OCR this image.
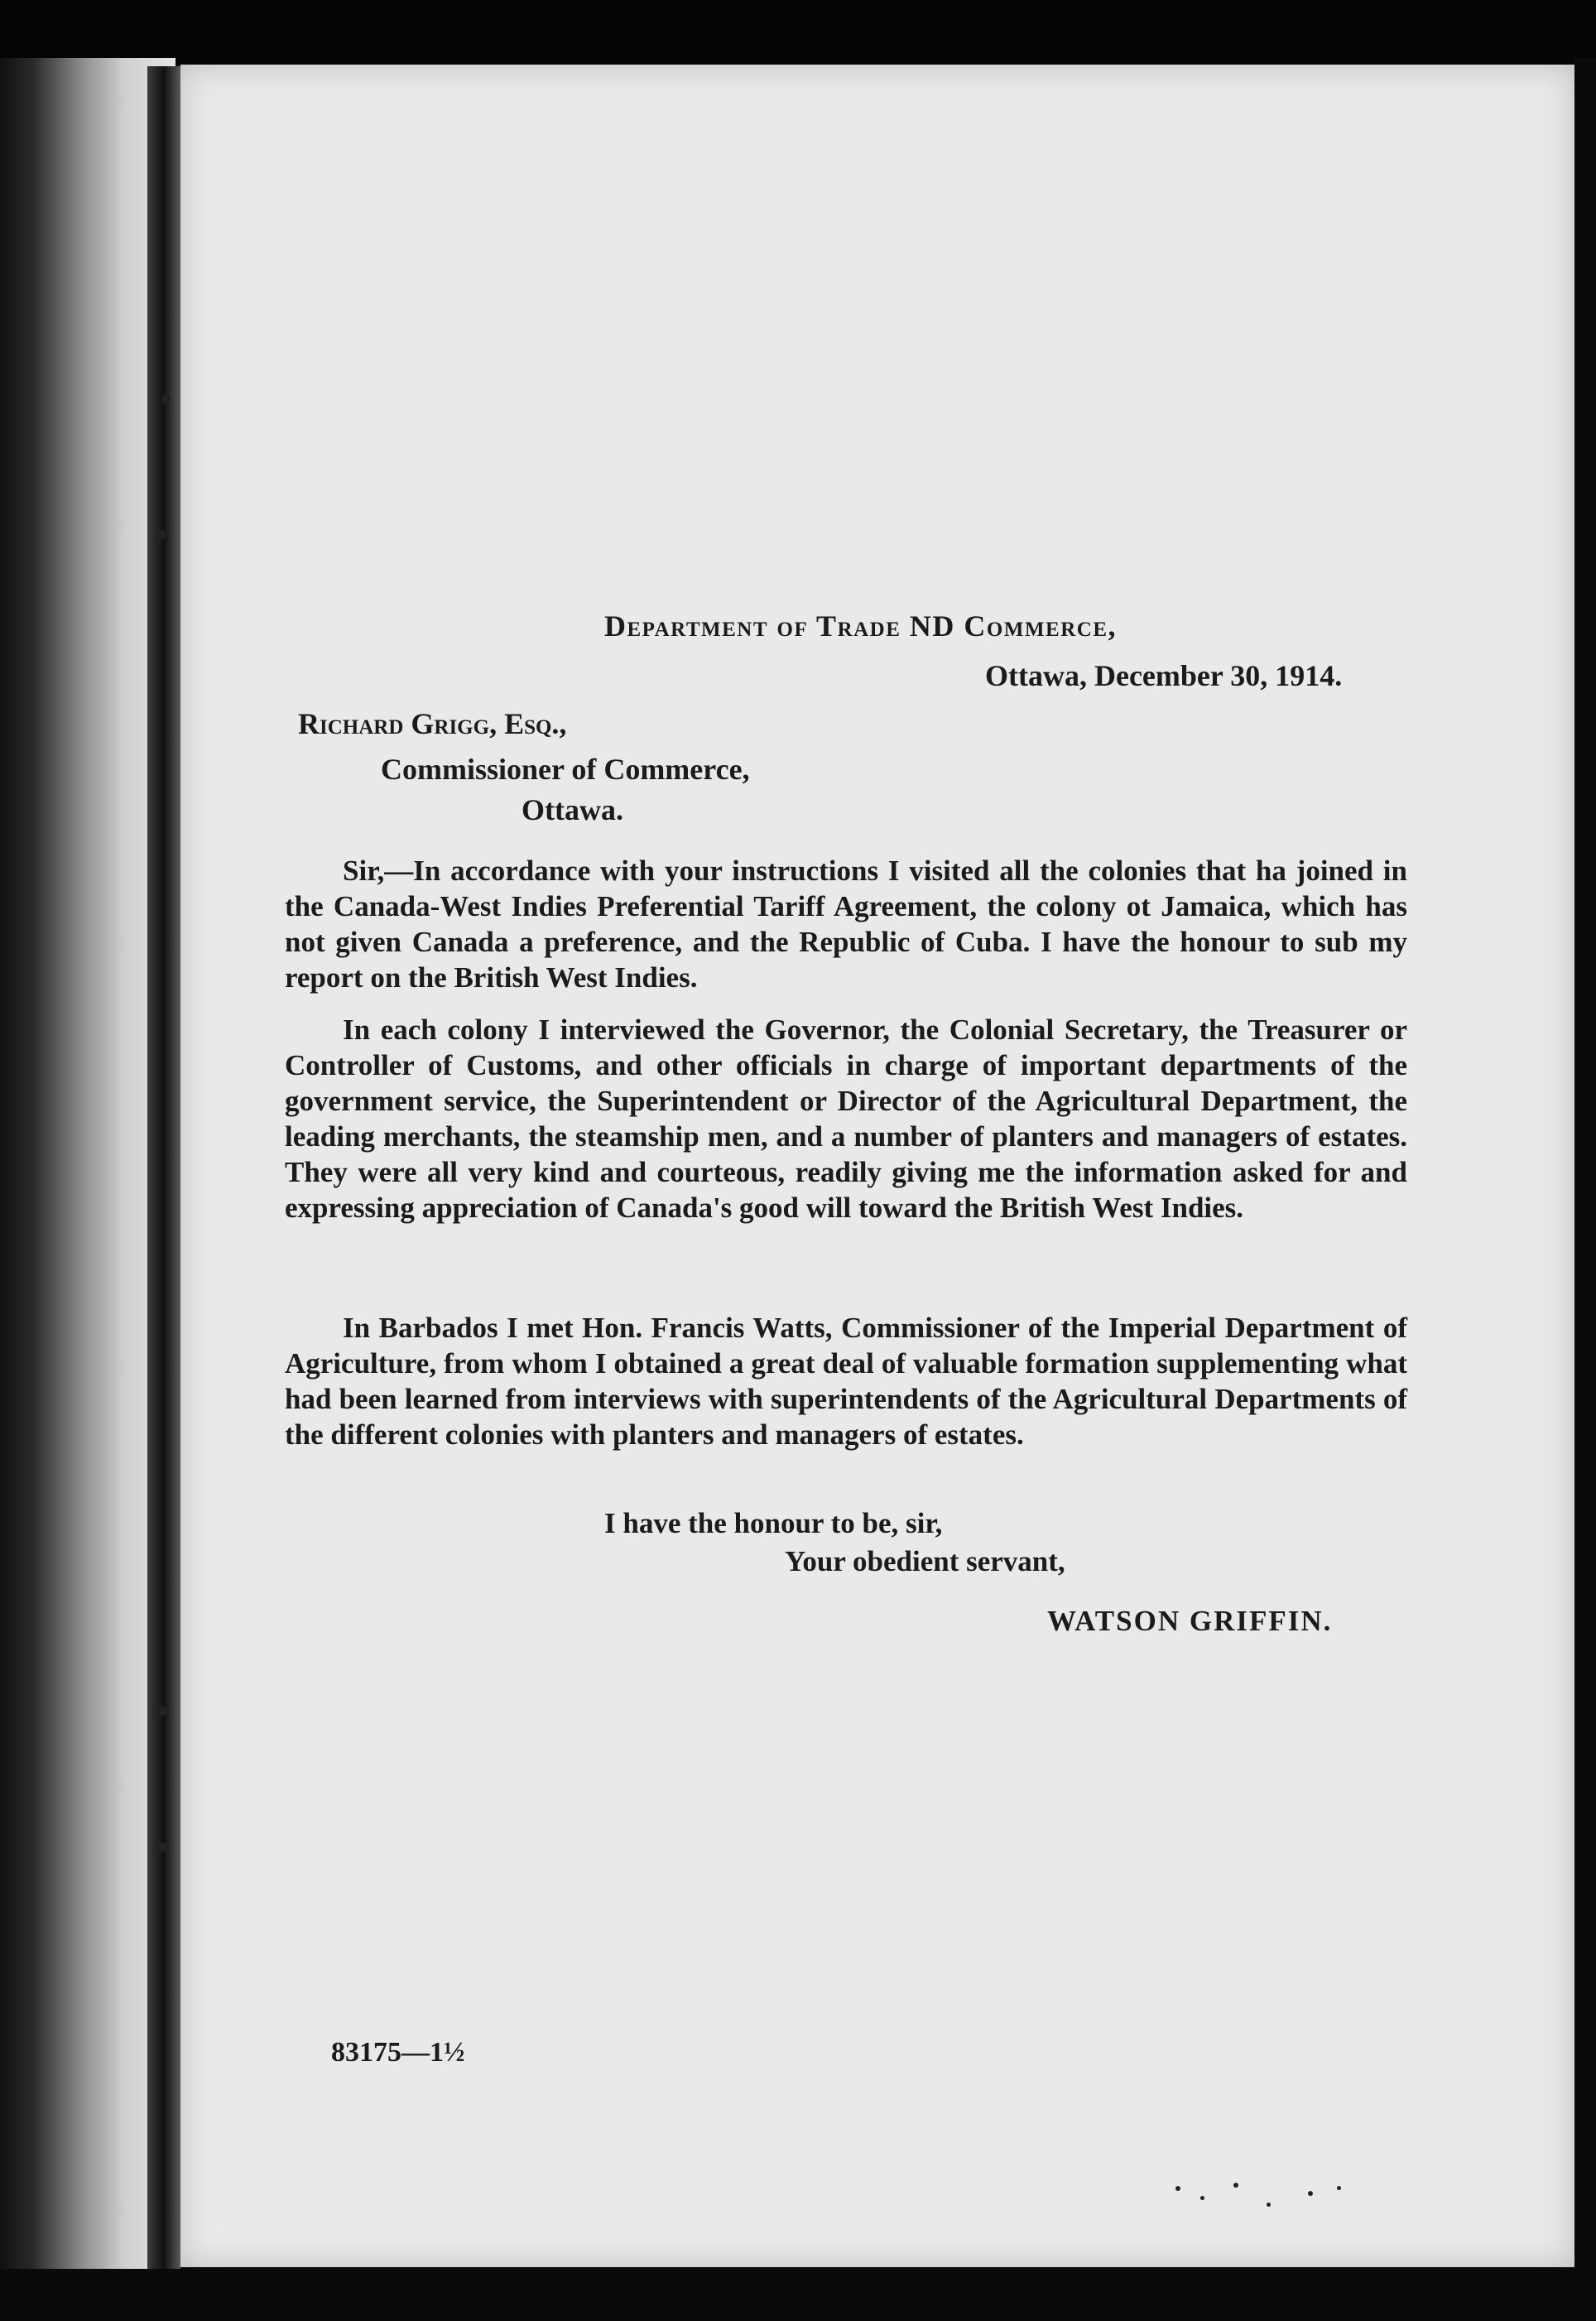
Department of Trade ND Commerce,
Ottawa, December 30, 1914.
Richard Grigg, Esq.,
Commissioner of Commerce,
Ottawa.
Sir,—In accordance with your instructions I visited all the colonies that ha joined in the Canada-West Indies Preferential Tariff Agreement, the colony ot Jamaica, which has not given Canada a preference, and the Republic of Cuba. I have the honour to sub my report on the British West Indies.
In each colony I interviewed the Governor, the Colonial Secretary, the Treasurer or Controller of Customs, and other officials in charge of important departments of the government service, the Superintendent or Director of the Agricultural Department, the leading merchants, the steamship men, and a number of planters and managers of estates. They were all very kind and courteous, readily giving me the information asked for and expressing appreciation of Canada's good will toward the British West Indies.
In Barbados I met Hon. Francis Watts, Commissioner of the Imperial Department of Agriculture, from whom I obtained a great deal of valuable formation supplementing what had been learned from interviews with superintendents of the Agricultural Departments of the different colonies with planters and managers of estates.
I have the honour to be, sir,
Your obedient servant,
WATSON GRIFFIN.
83175—1½
